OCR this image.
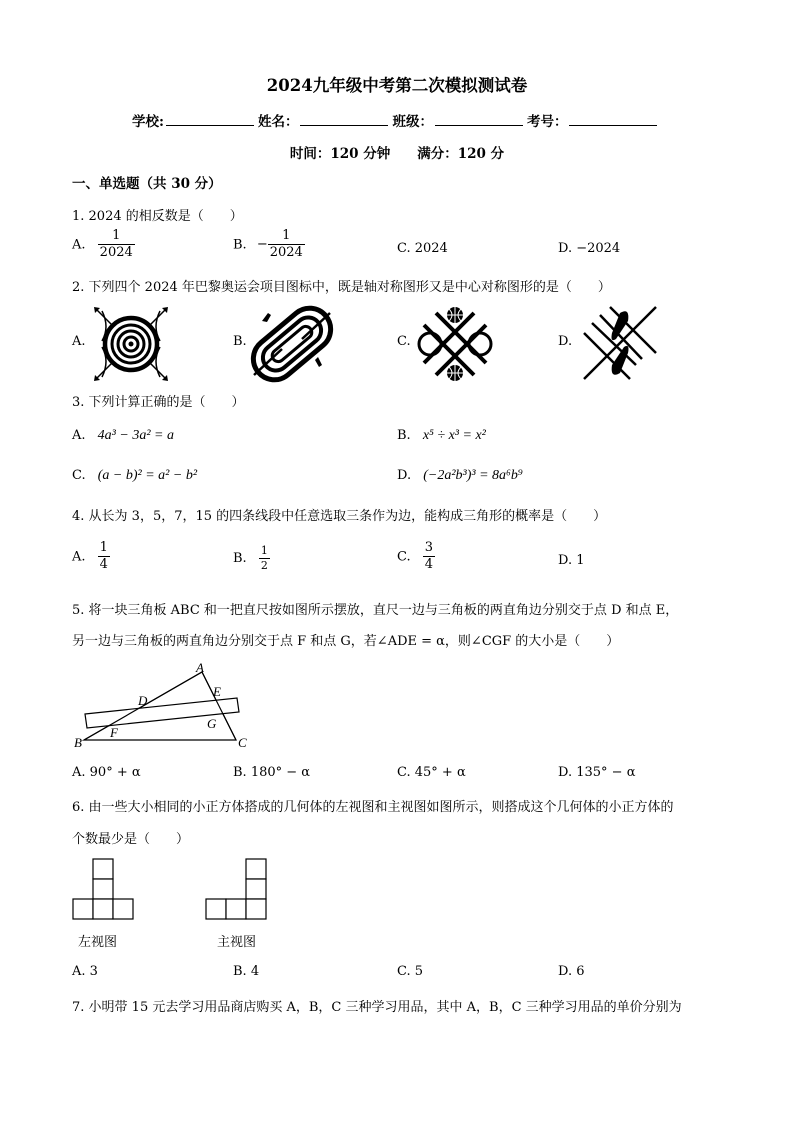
2024九年级中考第二次模拟测试卷
学校:	姓名：	班级：	考号：
时间：120 分钟　　满分：120 分
一、单选题（共 30 分）
1. 2024 的相反数是（　　）
A. $\frac{1}{2024}$	B. − $\frac{1}{2024}$	C. 2024	D. −2024
2. 下列四个 2024 年巴黎奥运会项目图标中，既是轴对称图形又是中心对称图形的是（　　）
A.	B.	C.	D.
3. 下列计算正确的是（　　）
A. 4a³ − 3a² = a	B. x⁵ ÷ x³ = x²
C. (a − b)² = a² − b²	D. (−2a²b³)³ = 8a⁶b⁹
4. 从长为 3，5，7，15 的四条线段中任意选取三条作为边，能构成三角形的概率是（　　）
A. $\frac{1}{4}$	B. $\frac{1}{2}$	C. $\frac{3}{4}$	D. 1
5. 将一块三角板 ABC 和一把直尺按如图所示摆放，直尺一边与三角板的两直角边分别交于点 D 和点 E，
另一边与三角板的两直角边分别交于点 F 和点 G，若∠ADE = α，则∠CGF 的大小是（　　）
A
B	C
D
E
F
G
A. 90° + α	B. 180° − α	C. 45° + α	D. 135° − α
6. 由一些大小相同的小正方体搭成的几何体的左视图和主视图如图所示，则搭成这个几何体的小正方体的
个数最少是（　　）
左视图	主视图
A. 3	B. 4	C. 5	D. 6
7. 小明带 15 元去学习用品商店购买 A，B，C 三种学习用品，其中 A，B，C 三种学习用品的单价分别为
